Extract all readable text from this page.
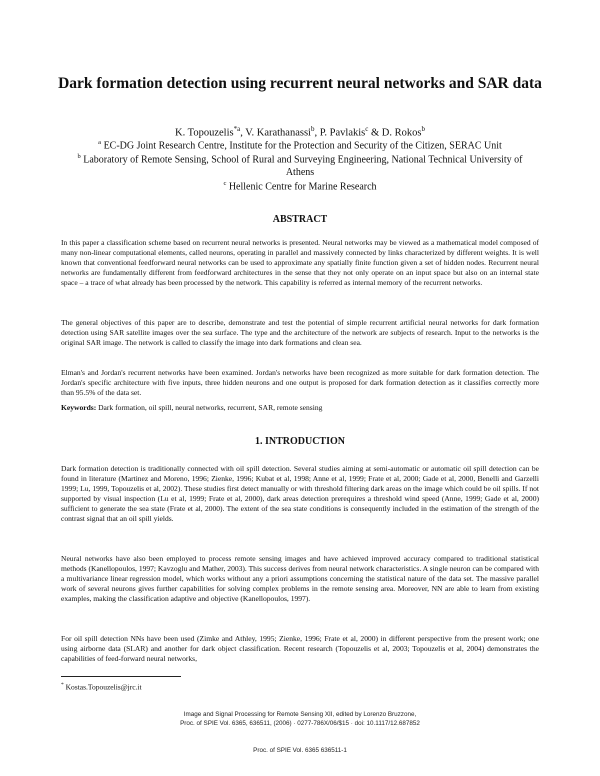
Dark formation detection using recurrent neural networks and SAR data
K. Topouzelis$^{*a}$, V. Karathanassi$^b$, P. Pavlakis$^c$ & D. Rokos$^b$
$^a$ EC-DG Joint Research Centre, Institute for the Protection and Security of the Citizen, SERAC Unit
$^b$ Laboratory of Remote Sensing, School of Rural and Surveying Engineering, National Technical University of Athens
$^c$ Hellenic Centre for Marine Research
ABSTRACT

In this paper a classification scheme based on recurrent neural networks is presented. Neural networks may be viewed as a mathematical model composed of many non-linear computational elements, called neurons, operating in parallel and massively connected by links characterized by different weights. It is well known that conventional feedforward neural networks can be used to approximate any spatially finite function given a set of hidden nodes. Recurrent neural networks are fundamentally different from feedforward architectures in the sense that they not only operate on an input space but also on an internal state space – a trace of what already has been processed by the network. This capability is referred as internal memory of the recurrent networks.

The general objectives of this paper are to describe, demonstrate and test the potential of simple recurrent artificial neural networks for dark formation detection using SAR satellite images over the sea surface. The type and the architecture of the network are subjects of research. Input to the networks is the original SAR image. The network is called to classify the image into dark formations and clean sea.

Elman's and Jordan's recurrent networks have been examined. Jordan's networks have been recognized as more suitable for dark formation detection. The Jordan's specific architecture with five inputs, three hidden neurons and one output is proposed for dark formation detection as it classifies correctly more than 95.5% of the data set.

Keywords: Dark formation, oil spill, neural networks, recurrent, SAR, remote sensing

1. INTRODUCTION

Dark formation detection is traditionally connected with oil spill detection. Several studies aiming at semi-automatic or automatic oil spill detection can be found in literature (Martinez and Moreno, 1996; Zienke, 1996; Kubat et al, 1998; Anne et al, 1999; Frate et al, 2000; Gade et al, 2000, Benelli and Garzelli 1999; Lu, 1999, Topouzelis et al, 2002). These studies first detect manually or with threshold filtering dark areas on the image which could be oil spills. If not supported by visual inspection (Lu et al, 1999; Frate et al, 2000), dark areas detection prerequires a threshold wind speed (Anne, 1999; Gade et al, 2000) sufficient to generate the sea state (Frate et al, 2000). The extent of the sea state conditions is consequently included in the estimation of the strength of the contrast signal that an oil spill yields.

Neural networks have also been employed to process remote sensing images and have achieved improved accuracy compared to traditional statistical methods (Kanellopoulos, 1997; Kavzoglu and Mather, 2003). This success derives from neural network characteristics. A single neuron can be compared with a multivariance linear regression model, which works without any a priori assumptions concerning the statistical nature of the data set. The massive parallel work of several neurons gives further capabilities for solving complex problems in the remote sensing area. Moreover, NN are able to learn from existing examples, making the classification adaptive and objective (Kanellopoulos, 1997).

For oil spill detection NNs have been used (Zimke and Athley, 1995; Zienke, 1996; Frate et al, 2000) in different perspective from the present work; one using airborne data (SLAR) and another for dark object classification. Recent research (Topouzelis et al, 2003; Topouzelis et al, 2004) demonstrates the capabilities of feed-forward neural networks,

* Kostas.Topouzelis@jrc.it
Image and Signal Processing for Remote Sensing XII, edited by Lorenzo Bruzzone,
Proc. of SPIE Vol. 6365, 636511, (2006) · 0277-786X/06/$15 · doi: 10.1117/12.687852
Proc. of SPIE Vol. 6365 636511-1
